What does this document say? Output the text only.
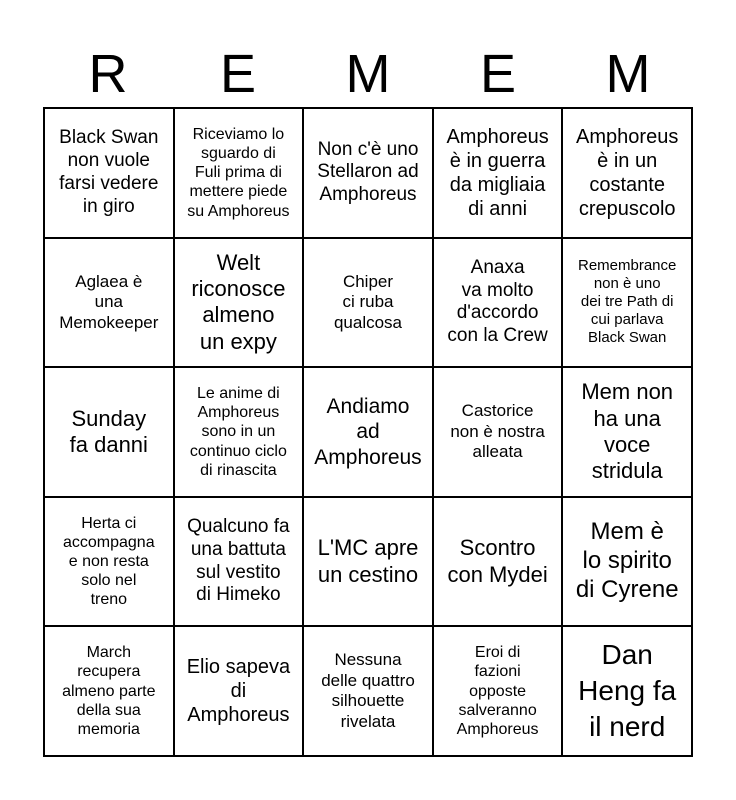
R	E	M	E	M
Black Swan
non vuole
farsi vedere
in giro
Riceviamo lo
sguardo di
Fuli prima di
mettere piede
su Amphoreus
Non c'è uno
Stellaron ad
Amphoreus
Amphoreus
è in guerra
da migliaia
di anni
Amphoreus
è in un
costante
crepuscolo
Aglaea è
una
Memokeeper
Welt
riconosce
almeno
un expy
Chiper
ci ruba
qualcosa
Anaxa
va molto
d'accordo
con la Crew
Remembrance
non è uno
dei tre Path di
cui parlava
Black Swan
Sunday
fa danni
Le anime di
Amphoreus
sono in un
continuo ciclo
di rinascita
Andiamo
ad
Amphoreus
Castorice
non è nostra
alleata
Mem non
ha una
voce
stridula
Herta ci
accompagna
e non resta
solo nel
treno
Qualcuno fa
una battuta
sul vestito
di Himeko
L'MC apre
un cestino
Scontro
con Mydei
Mem è
lo spirito
di Cyrene
March
recupera
almeno parte
della sua
memoria
Elio sapeva
di
Amphoreus
Nessuna
delle quattro
silhouette
rivelata
Eroi di
fazioni
opposte
salveranno
Amphoreus
Dan
Heng fa
il nerd
